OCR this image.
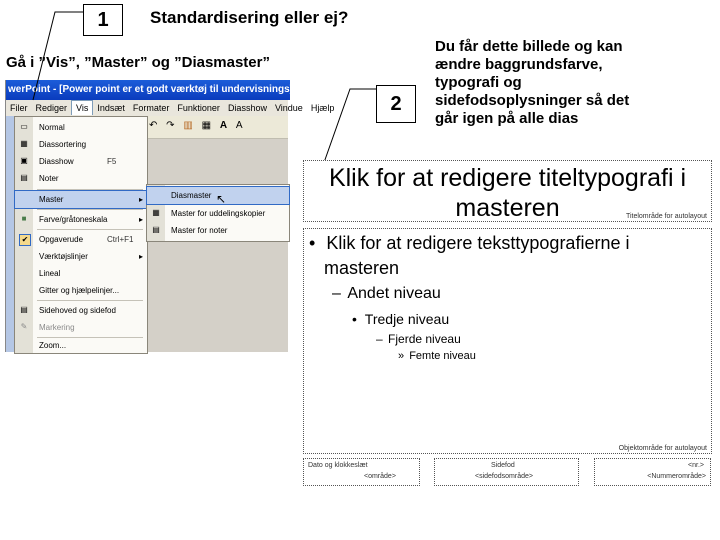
1	Standardisering eller ej?
Gå i ”Vis”, ”Master” og ”Diasmaster”
2
Du får dette billede og kan
ændre baggrundsfarve,
typografi og
sidefodsoplysninger så det
går igen på alle dias
werPoint - [Power point er et godt værktøj til undervisnings]
Filer Rediger Vis Indsæt Formater Funktioner Diasshow Vindue Hjælp
↶ ↷ ▥ ▦ A A
▭ Normal
▦ Diassortering
▣ Diasshow	F5
▤ Noter
Master	▸
■	Farve/gråtoneskala	▸
✔	Opgaverude	Ctrl+F1
Værktøjslinjer	▸
Lineal
Gitter og hjælpelinjer...
▤ Sidehoved og sidefod
✎ Markering
Zoom...
Diasmaster
▦ Master for uddelingskopier
▤ Master for noter
↖
Klik for at redigere titeltypografi i masteren	Titelområde for autolayout
• Klik for at redigere teksttypografierne i
masteren
– Andet niveau
• Tredje niveau
– Fjerde niveau
» Femte niveau
Objektområde for autolayout
Dato og klokkeslæt
<område>
Sidefod
<sidefodsområde>
<nr.>
<Nummerområde>
